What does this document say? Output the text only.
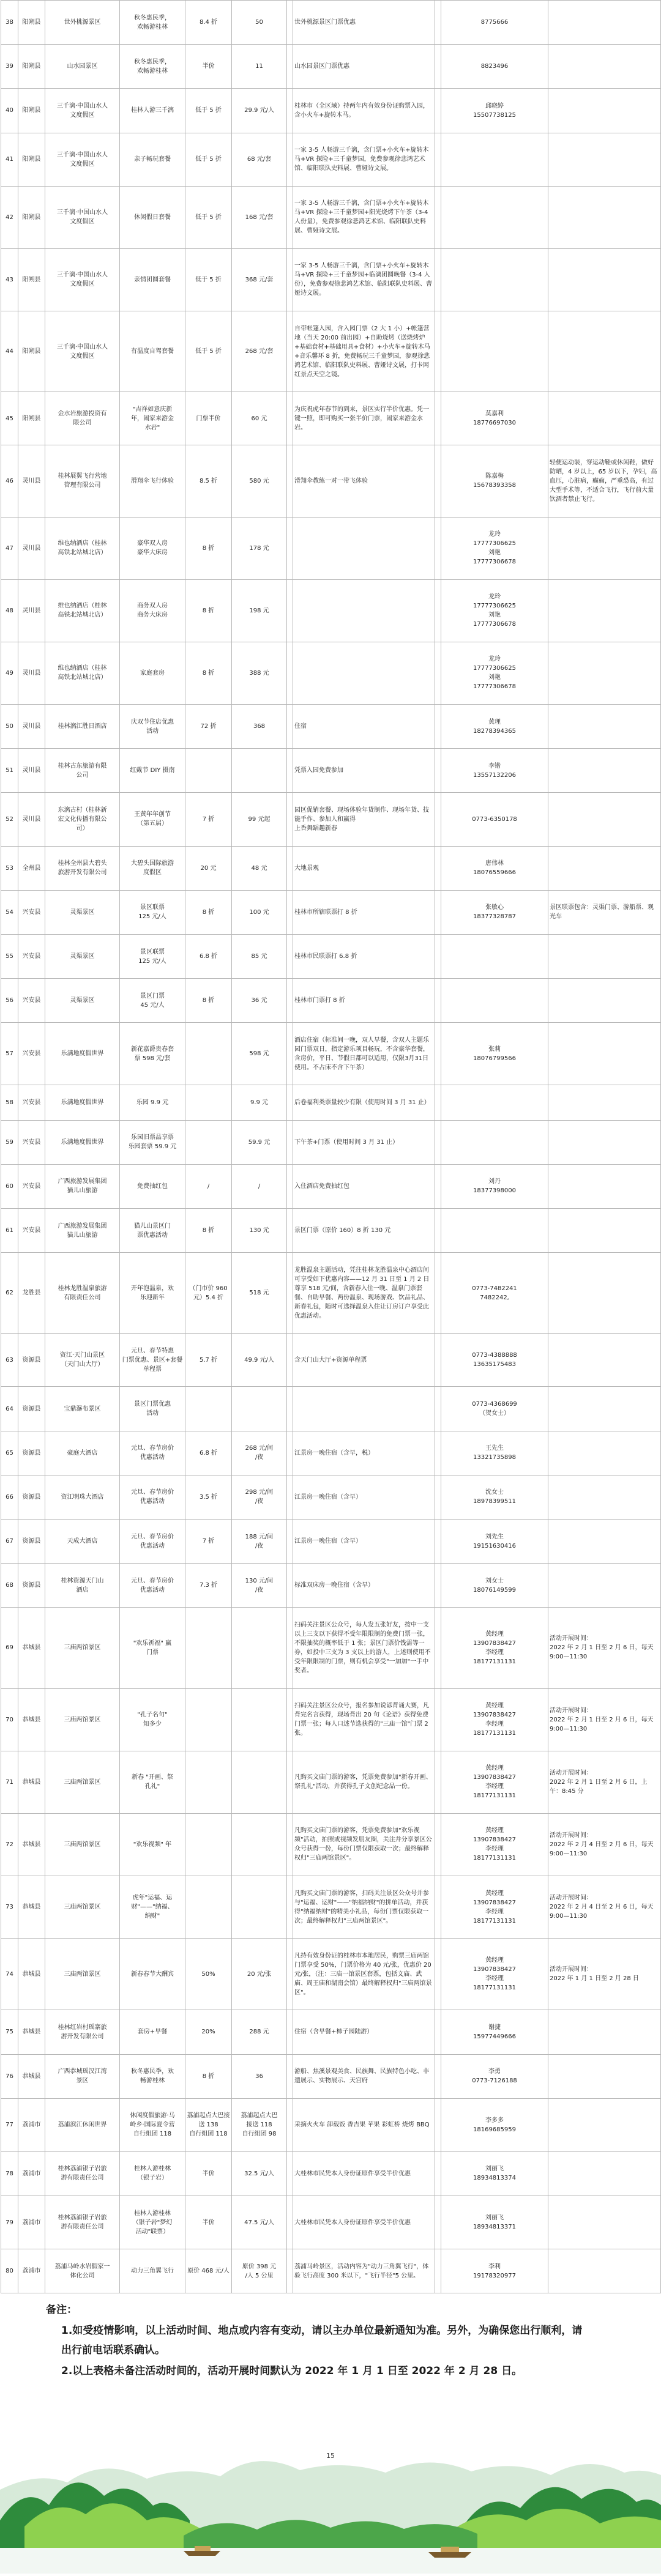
38	阳朔县	世外桃源景区	秋冬惠民季，
欢畅游桂林	8.4 折	50		世外桃源景区门票优惠		8775666	
39	阳朔县	山水园景区	秋冬惠民季，
欢畅游桂林	半价	11		山水园景区门票优惠		8823496	
40	阳朔县	三千漓·中国山水人
文度假区	桂林人游三千漓	低于 5 折	29.9 元/人		桂林市（全区域）持两年内有效身份证购票入园，含小火车+旋转木马。		邱晓婷
15507738125	
41	阳朔县	三千漓·中国山水人
文度假区	亲子畅玩套餐	低于 5 折	68 元/套		一家 3-5 人畅游三千漓，含门票+小火车+旋转木马+VR 探险+三千童梦园，免费参观徐悲鸿艺术馆、临阳联队史料展、曹娅诗文展。			
42	阳朔县	三千漓·中国山水人
文度假区	休闲假日套餐	低于 5 折	168 元/套		一家 3-5 人畅游三千漓，含门票+小火车+旋转木马+VR 探险+三千童梦园+阳光烧烤下午茶（3-4 人份量），免费参观徐悲鸿艺术馆、临阳联队史料展、曹娅诗文展。			
43	阳朔县	三千漓·中国山水人
文度假区	亲情团圆套餐	低于 5 折	368 元/套		一家 3-5 人畅游三千漓，含门票+小火车+旋转木马+VR 探险+三千童梦园+临漓团圆晚餐（3-4 人份），免费参观徐悲鸿艺术馆、临阳联队史料展、曹娅诗文展。			
44	阳朔县	三千漓·中国山水人
文度假区	有温度自驾套餐	低于 5 折	268 元/套		自带帐篷入园，含入园门票（2 大 1 小）+帐篷营地（当天 20:00 前出园）+自助烧烤（送烧烤炉+基础食材+基础用具+食材）+小火车+旋转木马+音乐馨环 8 折，免费畅玩三千童梦园，参观徐悲鸿艺术馆、临阳联队史料展、曹娅诗文展，打卡网红景点天空之镜。			
45	阳朔县	金水岩旅游投资有
限公司	"吉祥如意庆新
年，闹家来游金
水岩"	门票半价	60 元		为庆祝虎年春节的到来，景区实行半价优惠。凭一键一照，即可购买一张半价门票，闹家来游金水岩。		莫嘉利
18776697030	
46	灵川县	桂林展翼飞行营地
管理有限公司	滑翔伞飞行体验	8.5 折	580 元		滑翔伞教练一对一带飞体验		陈嘉梅
15678393358	轻便运动装，穿运动鞋或休闲鞋，做好防晒，4 岁以上，65 岁以下，孕妇，高血压，心脏病，癫痫，严重恐高，有过大型手术等，不适合飞行，飞行前大量饮酒者禁止飞行。
47	灵川县	维也纳酒店（桂林
高铁北站城北店）	豪华双人房
豪华大床房	8 折	178 元				龙玲
17777306625
刘艳
17777306678	
48	灵川县	维也纳酒店（桂林
高铁北站城北店）	商务双人房
商务大床房	8 折	198 元				龙玲
17777306625
刘艳
17777306678	
49	灵川县	维也纳酒店（桂林
高铁北站城北店）	家庭套房	8 折	388 元				龙玲
17777306625
刘艳
17777306678	
50	灵川县	桂林漓江胜日酒店	庆双节住店优惠
活动	72 折	368		住宿		黄理
18278394365	
51	灵川县	桂林古东旅游有限
公司	红戴节 DIY 摄南				凭票入园免费参加		李锴
13557132206	
52	灵川县	东漓古村（桂林新
宏文化传播有限公
司）	王黄年年创节
（第五届）	7 折	99 元起		园区促销套餐、现场体验年货制作、现场年货、技能手作、参加人和赢得
上香舞蹈趣新春		0773-6350178	
53	全州县	桂林全州县大碧头
旅游开发有限公司	大碧头国际旅游
度假区	20 元	48 元		大地景观		唐伟林
18076559666	
54	兴安县	灵渠景区	景区联票
125 元/人	8 折	100 元		桂林市所辖联票打 8 折		张敏心
18377328787	景区联票包含：灵渠门票、游船票、观光车
55	兴安县	灵渠景区	景区联票
125 元/人	6.8 折	85 元		桂林市民联票打 6.8 折			
56	兴安县	灵渠景区	景区门票
45 元/人	8 折	36 元		桂林市门票打 8 折			
57	兴安县	乐满地度假世界	新花嘉爵贵春套
票 598 元/套		598 元		酒店住宿（标准间一晚，双人早餐，含双人主题乐园门票双日，指定游乐项目畅玩，不含豪华套餐，含房价，平日、节假日都可以适用，仅限3月31日使用。不占床不含下午茶）		张莉
18076799566	
58	兴安县	乐满地度假世界	乐园 9.9 元		9.9 元		后卷福利类票量较少有限（使用时间 3 月 31 止）			
59	兴安县	乐满地度假世界	乐园旧票品享票
乐园套票 59.9 元		59.9 元		下午茶+门票（使用时间 3 月 31 止）			
60	兴安县	广西旅游发展集团
猫儿山旅游	免费抽红包	/	/		入住酒店免费抽红包		刘丹
18377398000	
61	兴安县	广西旅游发展集团
猫儿山旅游	猫儿山景区门
票优惠活动	8 折	130 元		景区门票（原价 160）8 折 130 元			
62	龙胜县	桂林龙胜温泉旅游
有限责任公司	开年泡温泉，欢
乐迎新年	（门市价 960
元）5.4 折	518 元		龙胜温泉主题活动，凭往桂林龙胜温泉中心酒店间可享受如下优惠内容——12 月 31 日至 1 月 2 日尊享 518 元/间，含新春入住一晚、温泉门票套餐、自助早餐、两份温泉、现场游戏、饮品礼品、新春礼包，随时可选择温泉入住让订房订户享受此优惠活动。		0773-7482241
7482242,	
63	资源县	资江·天门山景区
（天门山大厅）	元旦、春节特惠
门票优惠、景区+套餐
单程票	5.7 折	49.9 元/人		含天门山大厅+资源单程票		0773-4388888
13635175483	
64	资源县	宝鼎瀑布景区	景区门票优惠
活动						0773-4368699
（贺女士）	
65	资源县	豪庭大酒店	元旦、春节房价
优惠活动	6.8 折	268 元/间
/夜		江景房一晚住宿（含早，税）		王先生
13321735898	
66	资源县	资江明珠大酒店	元旦、春节房价
优惠活动	3.5 折	298 元/间
/夜		江景房一晚住宿（含早）		沈女士
18978399511	
67	资源县	天成大酒店	元旦、春节房价
优惠活动	7 折	188 元/间
/夜		江景房一晚住宿（含早）		刘先生
19151630416	
68	资源县	桂林资源天门山
酒店	元旦、春节房价
优惠活动	7.3 折	130 元/间
/夜		标准双床房一晚住宿（含早）		刘女士
18076149599	
69	恭城县	三庙两馆景区	"欢乐祈福" 赢
门票				扫码关注景区公众号，每人发五张好友，按中一支以上三支以下获得不受年限限制的免费门票一张，不限抽奖的概率低于 1 张；景区门票价钱需等一券，如投中三支为 3 支以上的游人，上述则使用不受年限限制的门票，则有机会享受"一加加"一手中奖者。		黄经理
13907838427
李经理
18177131131	活动开展时间：
2022 年 2 月 1 日至 2 月 6 日，每天 9:00—11:30
70	恭城县	三庙两馆景区	"孔子名句"
知多少				扫码关注景区公众号，报名参加说谚背诵大赛，凡背完名言获得，现场背出 20 句《论语》获得免费门票一张；每人口述节选获得的"三庙一馆"门票 2 张。		黄经理
13907838427
李经理
18177131131	活动开展时间：
2022 年 2 月 1 日至 2 月 6 日，每天 9:00—11:30
71	恭城县	三庙两馆景区	新春 "开画、祭
孔礼"				凡购买文庙门票的游客，凭票免费参加"新春开画、祭孔礼"活动，并获得孔子文创纪念品一份。		黄经理
13907838427
李经理
18177131131	活动开展时间：
2022 年 2 月 1 日至 2 月 6 日，上午：8:45 分
72	恭城县	三庙两馆景区	"欢乐视频" 年				凡购买文庙门票的游客，凭票免费参加"欢乐视频"活动，拍照或视频发朋友圈，关注并分享景区公众号获得一份，每份门票仅限获取一次；最终解释权归"三庙两馆景区"。		黄经理
13907838427
李经理
18177131131	活动开展时间：
2022 年 2 月 4 日至 2 月 6 日，每天 9:00—11:30
73	恭城县	三庙两馆景区	虎年"运福、运
财"——"纳福、
纳财"				凡购买文庙门票的游客，扫码关注景区公众号并参与"运福、运财"——"纳福纳财"的拼单活动，并获得"纳福纳财"的精美小礼品，每份门票仅限获取一次；最终解释权归"三庙两馆景区"。		黄经理
13907838427
李经理
18177131131	活动开展时间：
2022 年 2 月 4 日至 2 月 6 日，每天 9:00—11:30
74	恭城县	三庙两馆景区	新春春节大酬宾	50%	20 元/张		凡持有效身份证的桂林市本地居民，购票三庙两馆门票享受 50%，门票价格为 40 元/张，优惠价 20 元/张，（注：三庙一馆景区套票，包括文庙、武庙、周王庙和湖南会馆）最终解释权归"三庙两馆景区"。		黄经理
13907838427
李经理
18177131131	活动开展时间：
2022 年 1 月 1 日至 2 月 28 日
75	恭城县	桂林红岩村瑶寨旅
游开发有限公司	套房+早餐	20%	288 元		住宿（含早餐+柿子园陆游）		谢捷
15977449666	
76	恭城县	广西恭城瑶汉江湾
景区	秋冬惠民季，欢
畅游桂林	8 折	36		游船、焦溪景观美食、民族舞、民族特色小吃、非遗展示、实物展示、天宫府		李勇
0773-7126188	
77	荔浦市	荔浦滨江休闲世界	休闲度假旅游·马
岭乡·国际夏令营
自行组团 118	荔浦起点大巴接
送 138
自行组团 118	荔浦起点大巴
接送 118
自行组团 98		采摘火火车 卸载饭 香吉果 苹果 彩虹桥 烧烤 BBQ		李多多
18169685959	
78	荔浦市	桂林荔浦银子岩旅
游有限责任公司	桂林人游桂林
（银子岩）	半价	32.5 元/人		大桂林市民凭本人身份证原件享受半价优惠		刘丽飞
18934813374	
79	荔浦市	桂林荔浦银子岩旅
游有限责任公司	桂林人游桂林
（银子岩"梦幻
活动"联票）	半价	47.5 元/人		大桂林市民凭本人身份证原件享受半价优惠		刘丽飞
18934813371	
80	荔浦市	荔浦马岭水岩假家一
体化公司	动力三角翼飞行	原价 468 元/人	原价 398 元
/人 5 公里		荔浦马岭景区，活动内容为"动力三角翼飞行"，体验飞行高度 300 米以下，"飞行半径"5 公里。		李利
19178320977	
备注：
1.如受疫情影响，以上活动时间、地点或内容有变动，请以主办单位最新通知为准。另外，为确保您出行顺利，请出行前电话联系确认。
2.以上表格未备注活动时间的，活动开展时间默认为 2022 年 1 月 1 日至 2022 年 2 月 28 日。
15
